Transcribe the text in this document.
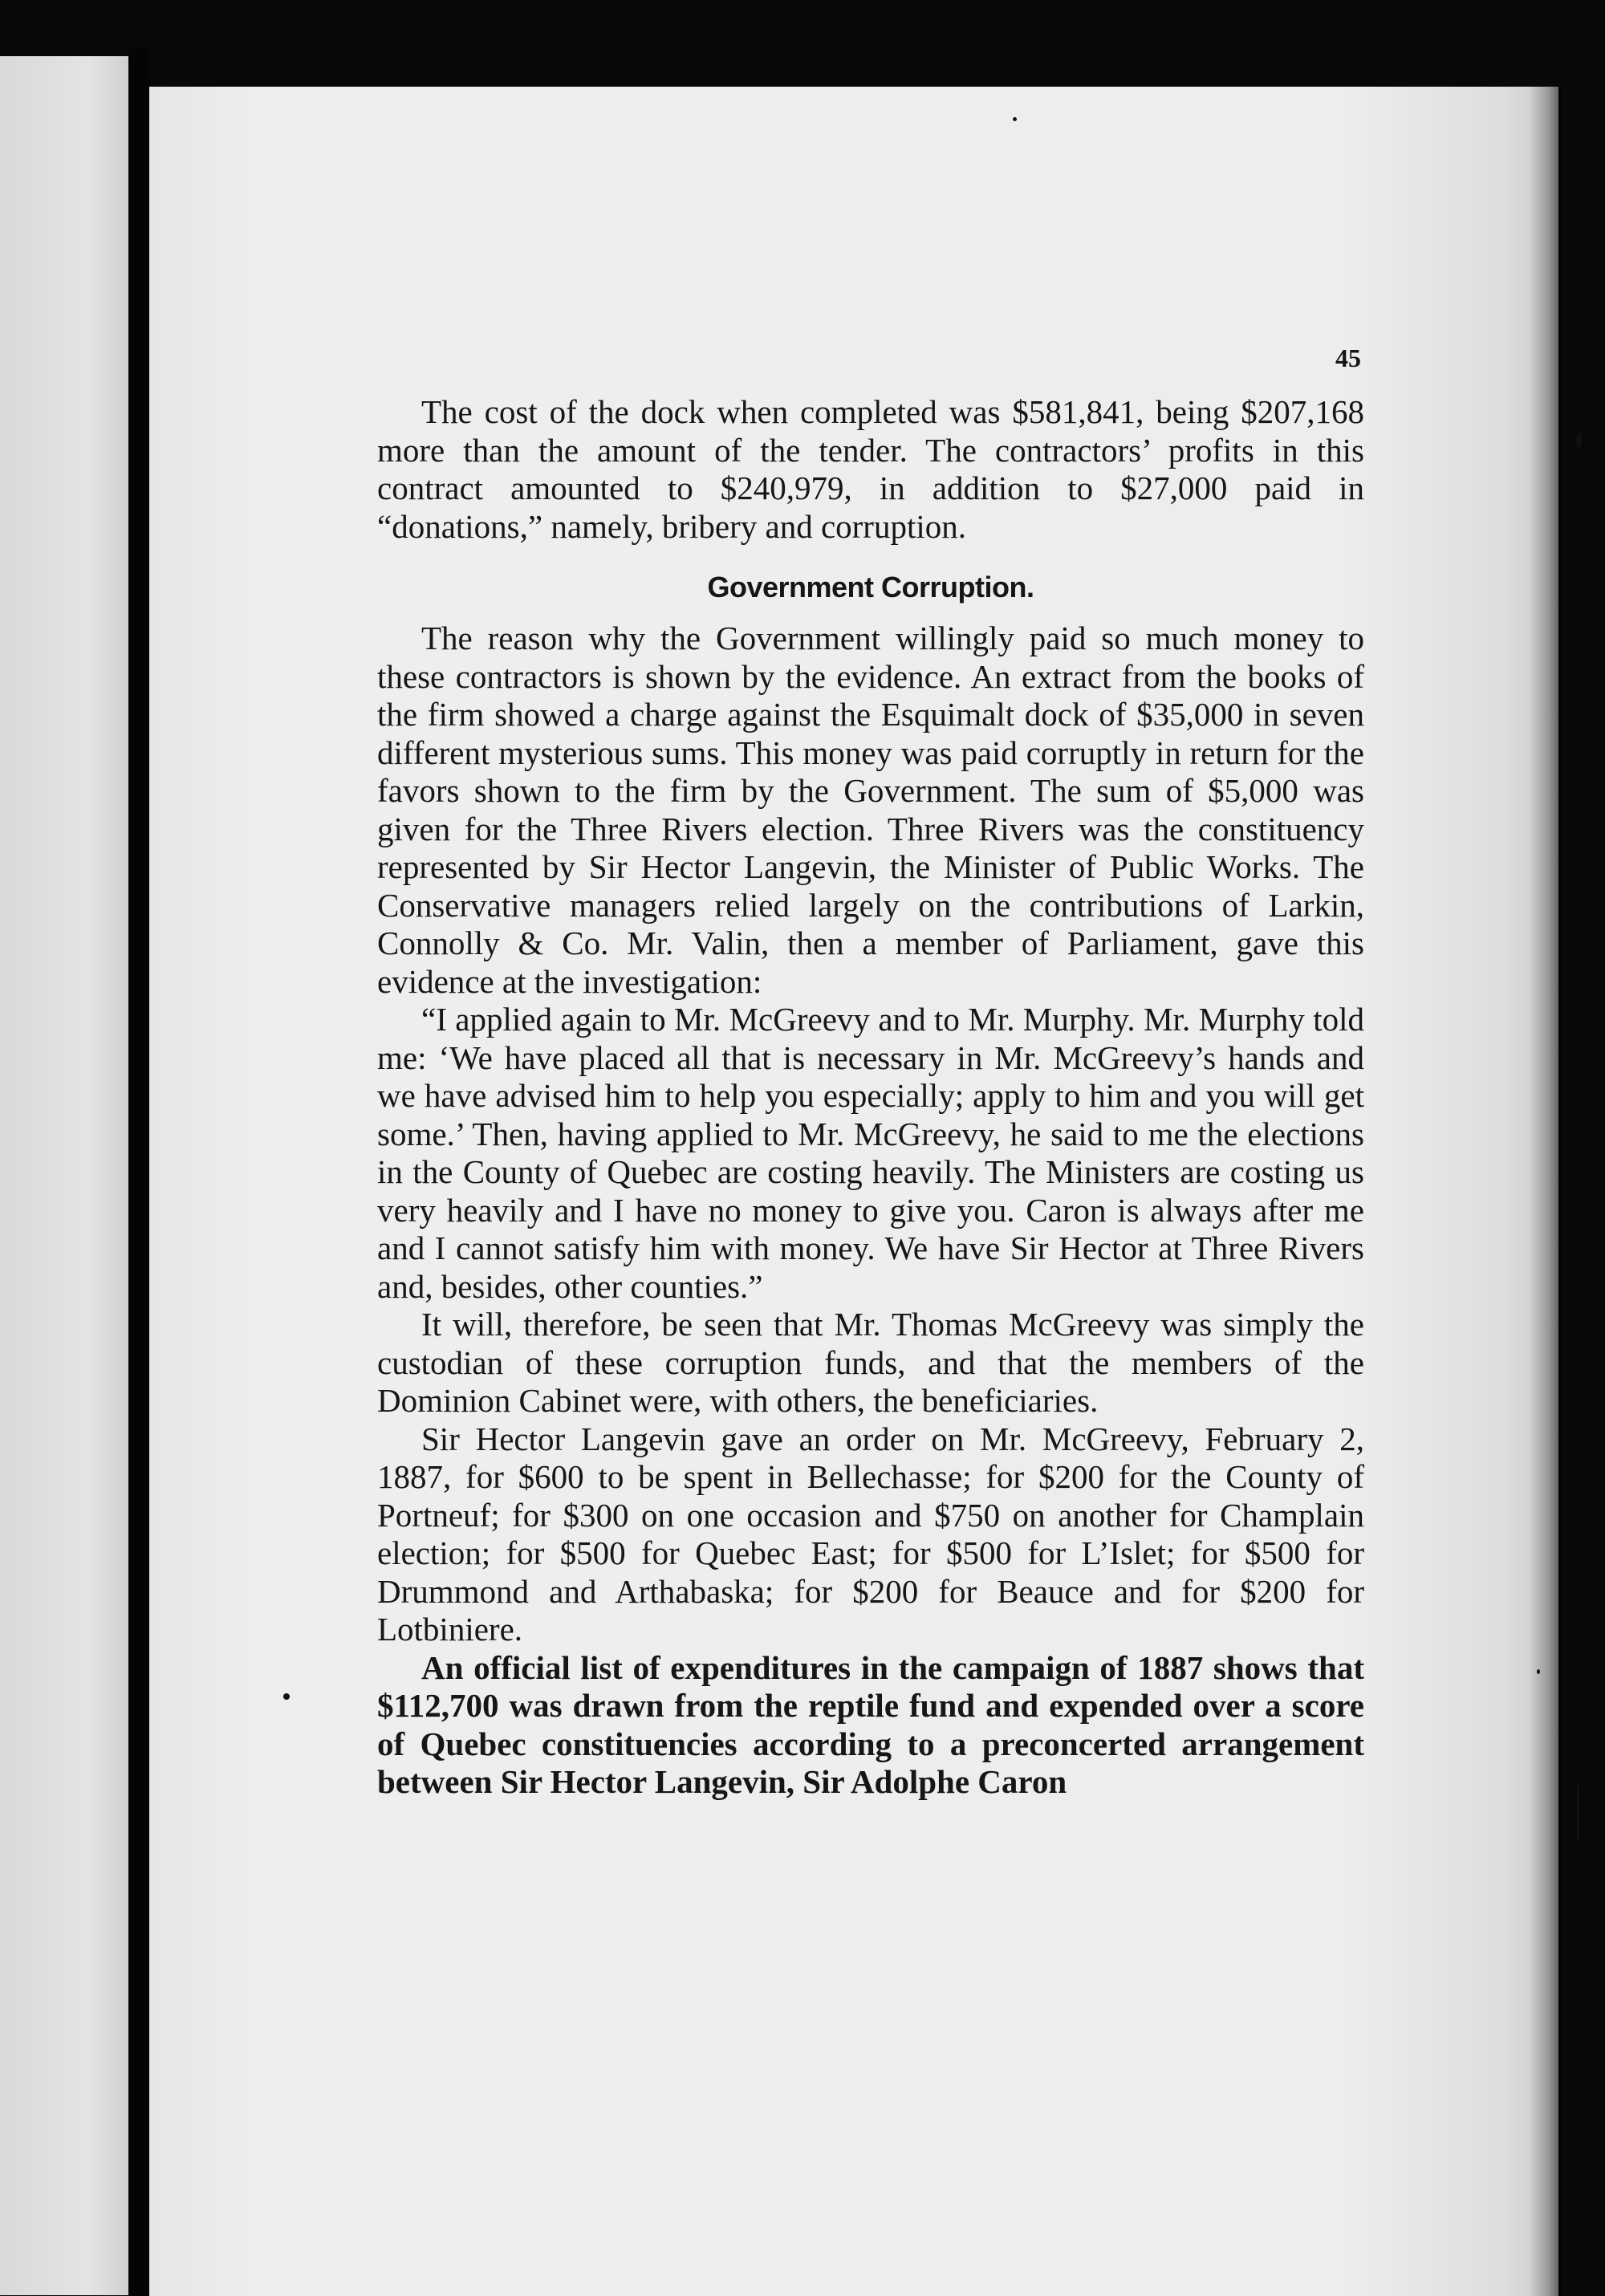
45

The cost of the dock when completed was $581,841, being $207,168 more than the amount of the tender. The contractors’ profits in this contract amounted to $240,979, in addition to $27,000 paid in “donations,” namely, bribery and corruption.

Government Corruption.

The reason why the Government willingly paid so much money to these contractors is shown by the evidence. An extract from the books of the firm showed a charge against the Esquimalt dock of $35,000 in seven different mysterious sums. This money was paid corruptly in return for the favors shown to the firm by the Government. The sum of $5,000 was given for the Three Rivers election. Three Rivers was the constituency represented by Sir Hector Langevin, the Minister of Public Works. The Conservative managers relied largely on the contributions of Larkin, Connolly & Co. Mr. Valin, then a member of Parliament, gave this evidence at the investigation:

“I applied again to Mr. McGreevy and to Mr. Murphy. Mr. Murphy told me: ‘We have placed all that is necessary in Mr. McGreevy’s hands and we have advised him to help you especially; apply to him and you will get some.’ Then, having applied to Mr. McGreevy, he said to me the elections in the County of Quebec are costing heavily. The Ministers are costing us very heavily and I have no money to give you. Caron is always after me and I cannot satisfy him with money. We have Sir Hector at Three Rivers and, besides, other counties.”

It will, therefore, be seen that Mr. Thomas McGreevy was simply the custodian of these corruption funds, and that the members of the Dominion Cabinet were, with others, the beneficiaries.

Sir Hector Langevin gave an order on Mr. McGreevy, February 2, 1887, for $600 to be spent in Bellechasse; for $200 for the County of Portneuf; for $300 on one occasion and $750 on another for Champlain election; for $500 for Quebec East; for $500 for L’Islet; for $500 for Drummond and Arthabaska; for $200 for Beauce and for $200 for Lotbiniere.

An official list of expenditures in the campaign of 1887 shows that $112,700 was drawn from the reptile fund and expended over a score of Quebec constituencies according to a preconcerted arrangement between Sir Hector Langevin, Sir Adolphe Caron
